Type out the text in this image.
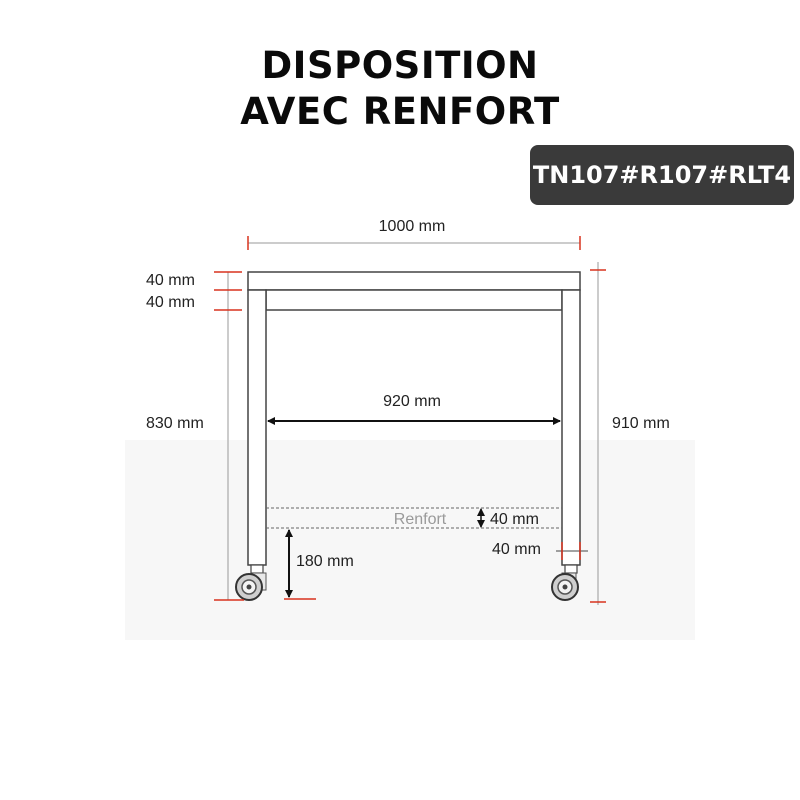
DISPOSITION
AVEC RENFORT
TN107#R107#RLT4
Renfort
1000 mm
40 mm
40 mm
830 mm	910 mm
920 mm
40 mm
40 mm
180 mm
